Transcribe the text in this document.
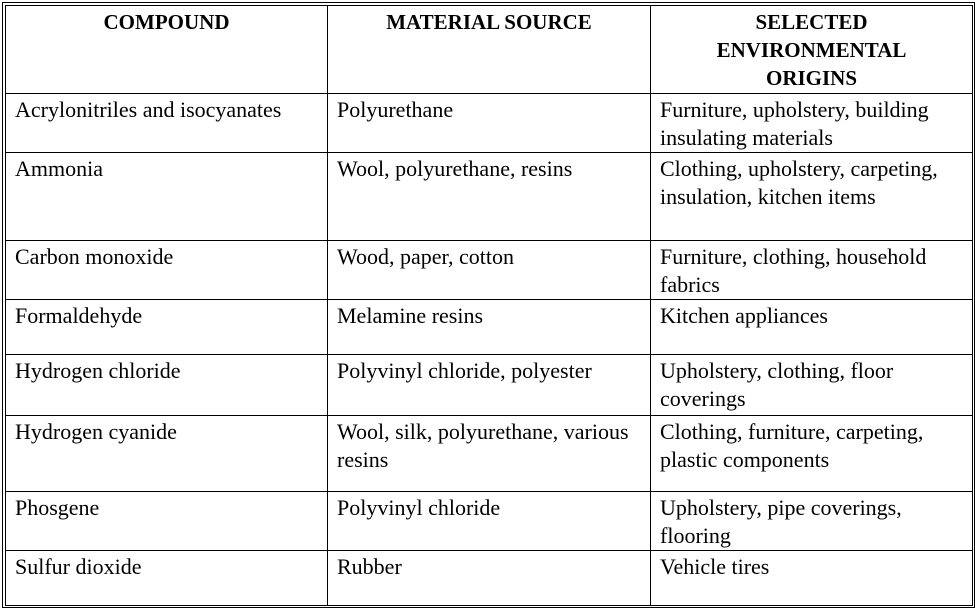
COMPOUND	MATERIAL SOURCE	SELECTED ENVIRONMENTAL ORIGINS
Acrylonitriles and isocyanates	Polyurethane	Furniture, upholstery, building insulating materials
Ammonia	Wool, polyurethane, resins	Clothing, upholstery, carpeting, insulation, kitchen items
Carbon monoxide	Wood, paper, cotton	Furniture, clothing, household fabrics
Formaldehyde	Melamine resins	Kitchen appliances
Hydrogen chloride	Polyvinyl chloride, polyester	Upholstery, clothing, floor coverings
Hydrogen cyanide	Wool, silk, polyurethane, various resins	Clothing, furniture, carpeting, plastic components
Phosgene	Polyvinyl chloride	Upholstery, pipe coverings, flooring
Sulfur dioxide	Rubber	Vehicle tires
